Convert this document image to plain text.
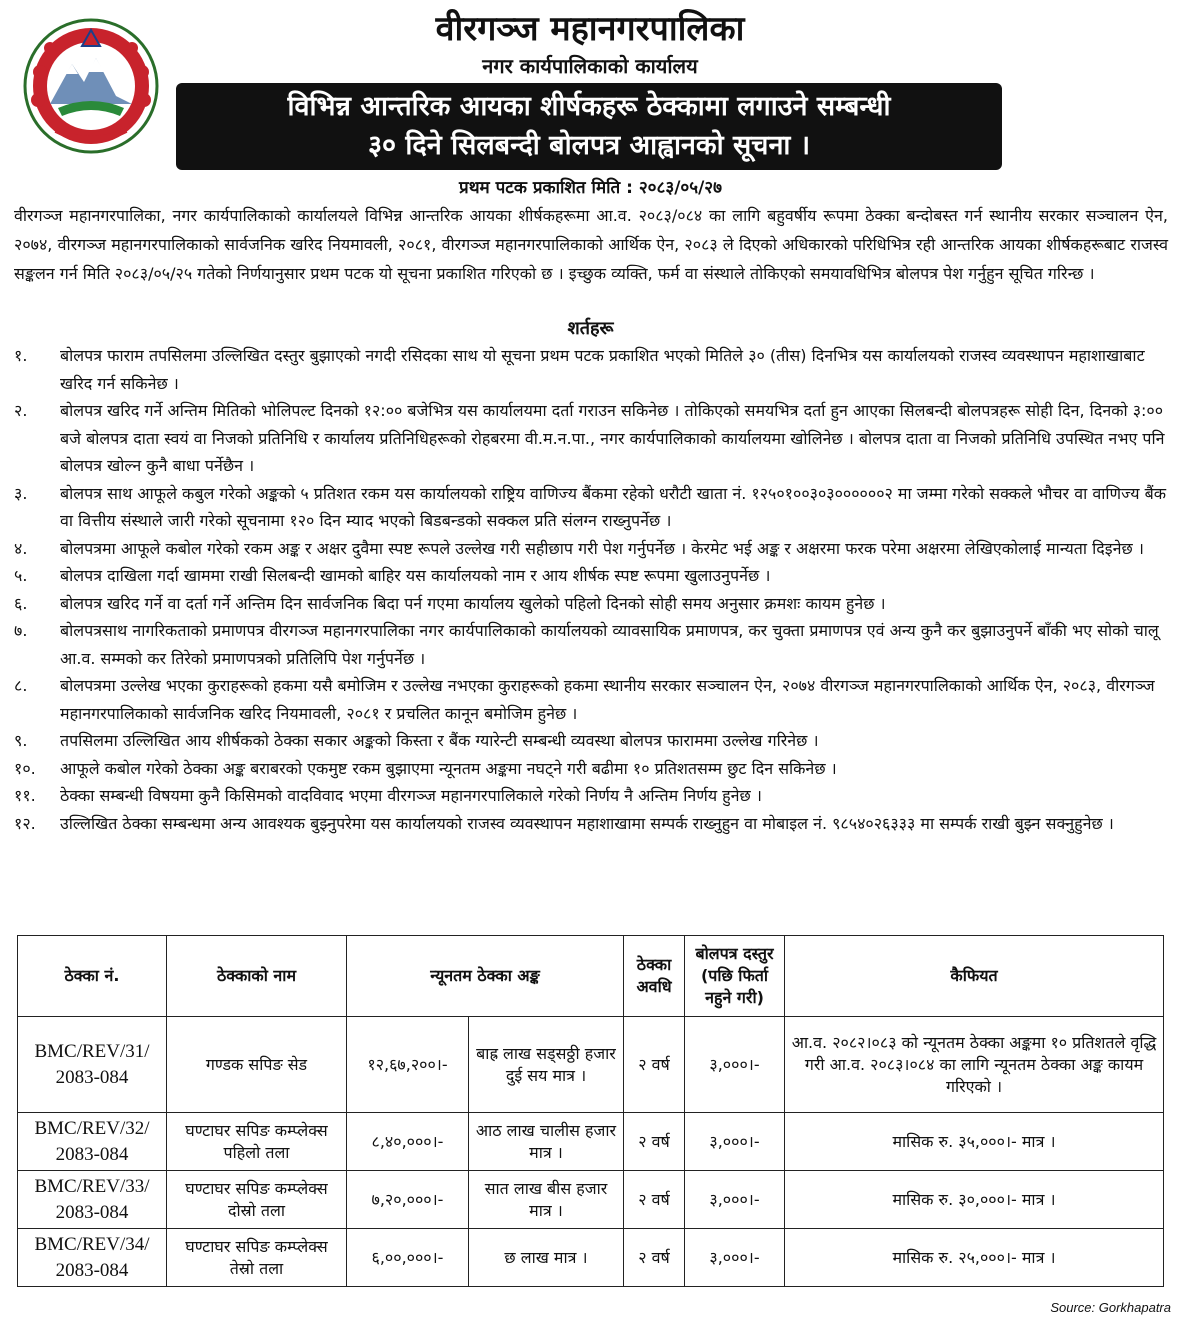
वीरगञ्ज महानगरपालिका
नगर कार्यपालिकाको कार्यालय
विभिन्न आन्तरिक आयका शीर्षकहरू ठेक्कामा लगाउने सम्बन्धी
३० दिने सिलबन्दी बोलपत्र आह्वानको सूचना ।
प्रथम पटक प्रकाशित मिति : २०८३/०५/२७
वीरगञ्ज महानगरपालिका, नगर कार्यपालिकाको कार्यालयले विभिन्न आन्तरिक आयका शीर्षकहरूमा आ.व. २०८३/०८४ का लागि बहुवर्षीय रूपमा ठेक्का बन्दोबस्त गर्न स्थानीय सरकार सञ्चालन ऐन, २०७४, वीरगञ्ज महानगरपालिकाको सार्वजनिक खरिद नियमावली, २०८१, वीरगञ्ज महानगरपालिकाको आर्थिक ऐन, २०८३ ले दिएको अधिकारको परिधिभित्र रही आन्तरिक आयका शीर्षकहरूबाट राजस्व सङ्कलन गर्न मिति २०८३/०५/२५ गतेको निर्णयानुसार प्रथम पटक यो सूचना प्रकाशित गरिएको छ । इच्छुक व्यक्ति, फर्म वा संस्थाले तोकिएको समयावधिभित्र बोलपत्र पेश गर्नुहुन सूचित गरिन्छ ।
शर्तहरू
१.	बोलपत्र फाराम तपसिलमा उल्लिखित दस्तुर बुझाएको नगदी रसिदका साथ यो सूचना प्रथम पटक प्रकाशित भएको मितिले ३० (तीस) दिनभित्र यस कार्यालयको राजस्व व्यवस्थापन महाशाखाबाट खरिद गर्न सकिनेछ ।
२.	बोलपत्र खरिद गर्ने अन्तिम मितिको भोलिपल्ट दिनको १२:०० बजेभित्र यस कार्यालयमा दर्ता गराउन सकिनेछ । तोकिएको समयभित्र दर्ता हुन आएका सिलबन्दी बोलपत्रहरू सोही दिन, दिनको ३:०० बजे बोलपत्र दाता स्वयं वा निजको प्रतिनिधि र कार्यालय प्रतिनिधिहरूको रोहबरमा वी.म.न.पा., नगर कार्यपालिकाको कार्यालयमा खोलिनेछ । बोलपत्र दाता वा निजको प्रतिनिधि उपस्थित नभए पनि बोलपत्र खोल्न कुनै बाधा पर्नेछैन ।
३.	बोलपत्र साथ आफूले कबुल गरेको अङ्कको ५ प्रतिशत रकम यस कार्यालयको राष्ट्रिय वाणिज्य बैंकमा रहेको धरौटी खाता नं. १२५०१००३०३००००००२ मा जम्मा गरेको सक्कले भौचर वा वाणिज्य बैंक वा वित्तीय संस्थाले जारी गरेको सूचनामा १२० दिन म्याद भएको बिडबन्डको सक्कल प्रति संलग्न राख्नुपर्नेछ ।
४.	बोलपत्रमा आफूले कबोल गरेको रकम अङ्क र अक्षर दुवैमा स्पष्ट रूपले उल्लेख गरी सहीछाप गरी पेश गर्नुपर्नेछ । केरमेट भई अङ्क र अक्षरमा फरक परेमा अक्षरमा लेखिएकोलाई मान्यता दिइनेछ ।
५.	बोलपत्र दाखिला गर्दा खाममा राखी सिलबन्दी खामको बाहिर यस कार्यालयको नाम र आय शीर्षक स्पष्ट रूपमा खुलाउनुपर्नेछ ।
६.	बोलपत्र खरिद गर्ने वा दर्ता गर्ने अन्तिम दिन सार्वजनिक बिदा पर्न गएमा कार्यालय खुलेको पहिलो दिनको सोही समय अनुसार क्रमशः कायम हुनेछ ।
७.	बोलपत्रसाथ नागरिकताको प्रमाणपत्र वीरगञ्ज महानगरपालिका नगर कार्यपालिकाको कार्यालयको व्यावसायिक प्रमाणपत्र, कर चुक्ता प्रमाणपत्र एवं अन्य कुनै कर बुझाउनुपर्ने बाँकी भए सोको चालू आ.व. सम्मको कर तिरेको प्रमाणपत्रको प्रतिलिपि पेश गर्नुपर्नेछ ।
८.	बोलपत्रमा उल्लेख भएका कुराहरूको हकमा यसै बमोजिम र उल्लेख नभएका कुराहरूको हकमा स्थानीय सरकार सञ्चालन ऐन, २०७४ वीरगञ्ज महानगरपालिकाको आर्थिक ऐन, २०८३, वीरगञ्ज महानगरपालिकाको सार्वजनिक खरिद नियमावली, २०८१ र प्रचलित कानून बमोजिम हुनेछ ।
९.	तपसिलमा उल्लिखित आय शीर्षकको ठेक्का सकार अङ्कको किस्ता र बैंक ग्यारेन्टी सम्बन्धी व्यवस्था बोलपत्र फाराममा उल्लेख गरिनेछ ।
१०.	आफूले कबोल गरेको ठेक्का अङ्क बराबरको एकमुष्ट रकम बुझाएमा न्यूनतम अङ्कमा नघट्ने गरी बढीमा १० प्रतिशतसम्म छुट दिन सकिनेछ ।
११.	ठेक्का सम्बन्धी विषयमा कुनै किसिमको वादविवाद भएमा वीरगञ्ज महानगरपालिकाले गरेको निर्णय नै अन्तिम निर्णय हुनेछ ।
१२.	उल्लिखित ठेक्का सम्बन्धमा अन्य आवश्यक बुझ्नुपरेमा यस कार्यालयको राजस्व व्यवस्थापन महाशाखामा सम्पर्क राख्नुहुन वा मोबाइल नं. ९८५४०२६३३३ मा सम्पर्क राखी बुझ्न सक्नुहुनेछ ।
ठेक्का नं.	ठेक्काको नाम	न्यूनतम ठेक्का अङ्क		ठेक्का अवधि	बोलपत्र दस्तुर (पछि फिर्ता नहुने गरी)	कैफियत
BMC/REV/31/ 2083-084	गण्डक सपिङ सेड	१२,६७,२००।-	बाह्र लाख सड्सठ्ठी हजार दुई सय मात्र ।	२ वर्ष	३,०००।-	आ.व. २०८२।०८३ को न्यूनतम ठेक्का अङ्कमा १० प्रतिशतले वृद्धि गरी आ.व. २०८३।०८४ का लागि न्यूनतम ठेक्का अङ्क कायम गरिएको ।
BMC/REV/32/ 2083-084	घण्टाघर सपिङ कम्प्लेक्स पहिलो तला	८,४०,०००।-	आठ लाख चालीस हजार मात्र ।	२ वर्ष	३,०००।-	मासिक रु. ३५,०००।- मात्र ।
BMC/REV/33/ 2083-084	घण्टाघर सपिङ कम्प्लेक्स दोस्रो तला	७,२०,०००।-	सात लाख बीस हजार मात्र ।	२ वर्ष	३,०००।-	मासिक रु. ३०,०००।- मात्र ।
BMC/REV/34/ 2083-084	घण्टाघर सपिङ कम्प्लेक्स तेस्रो तला	६,००,०००।-	छ लाख मात्र ।	२ वर्ष	३,०००।-	मासिक रु. २५,०००।- मात्र ।
Source: Gorkhapatra
